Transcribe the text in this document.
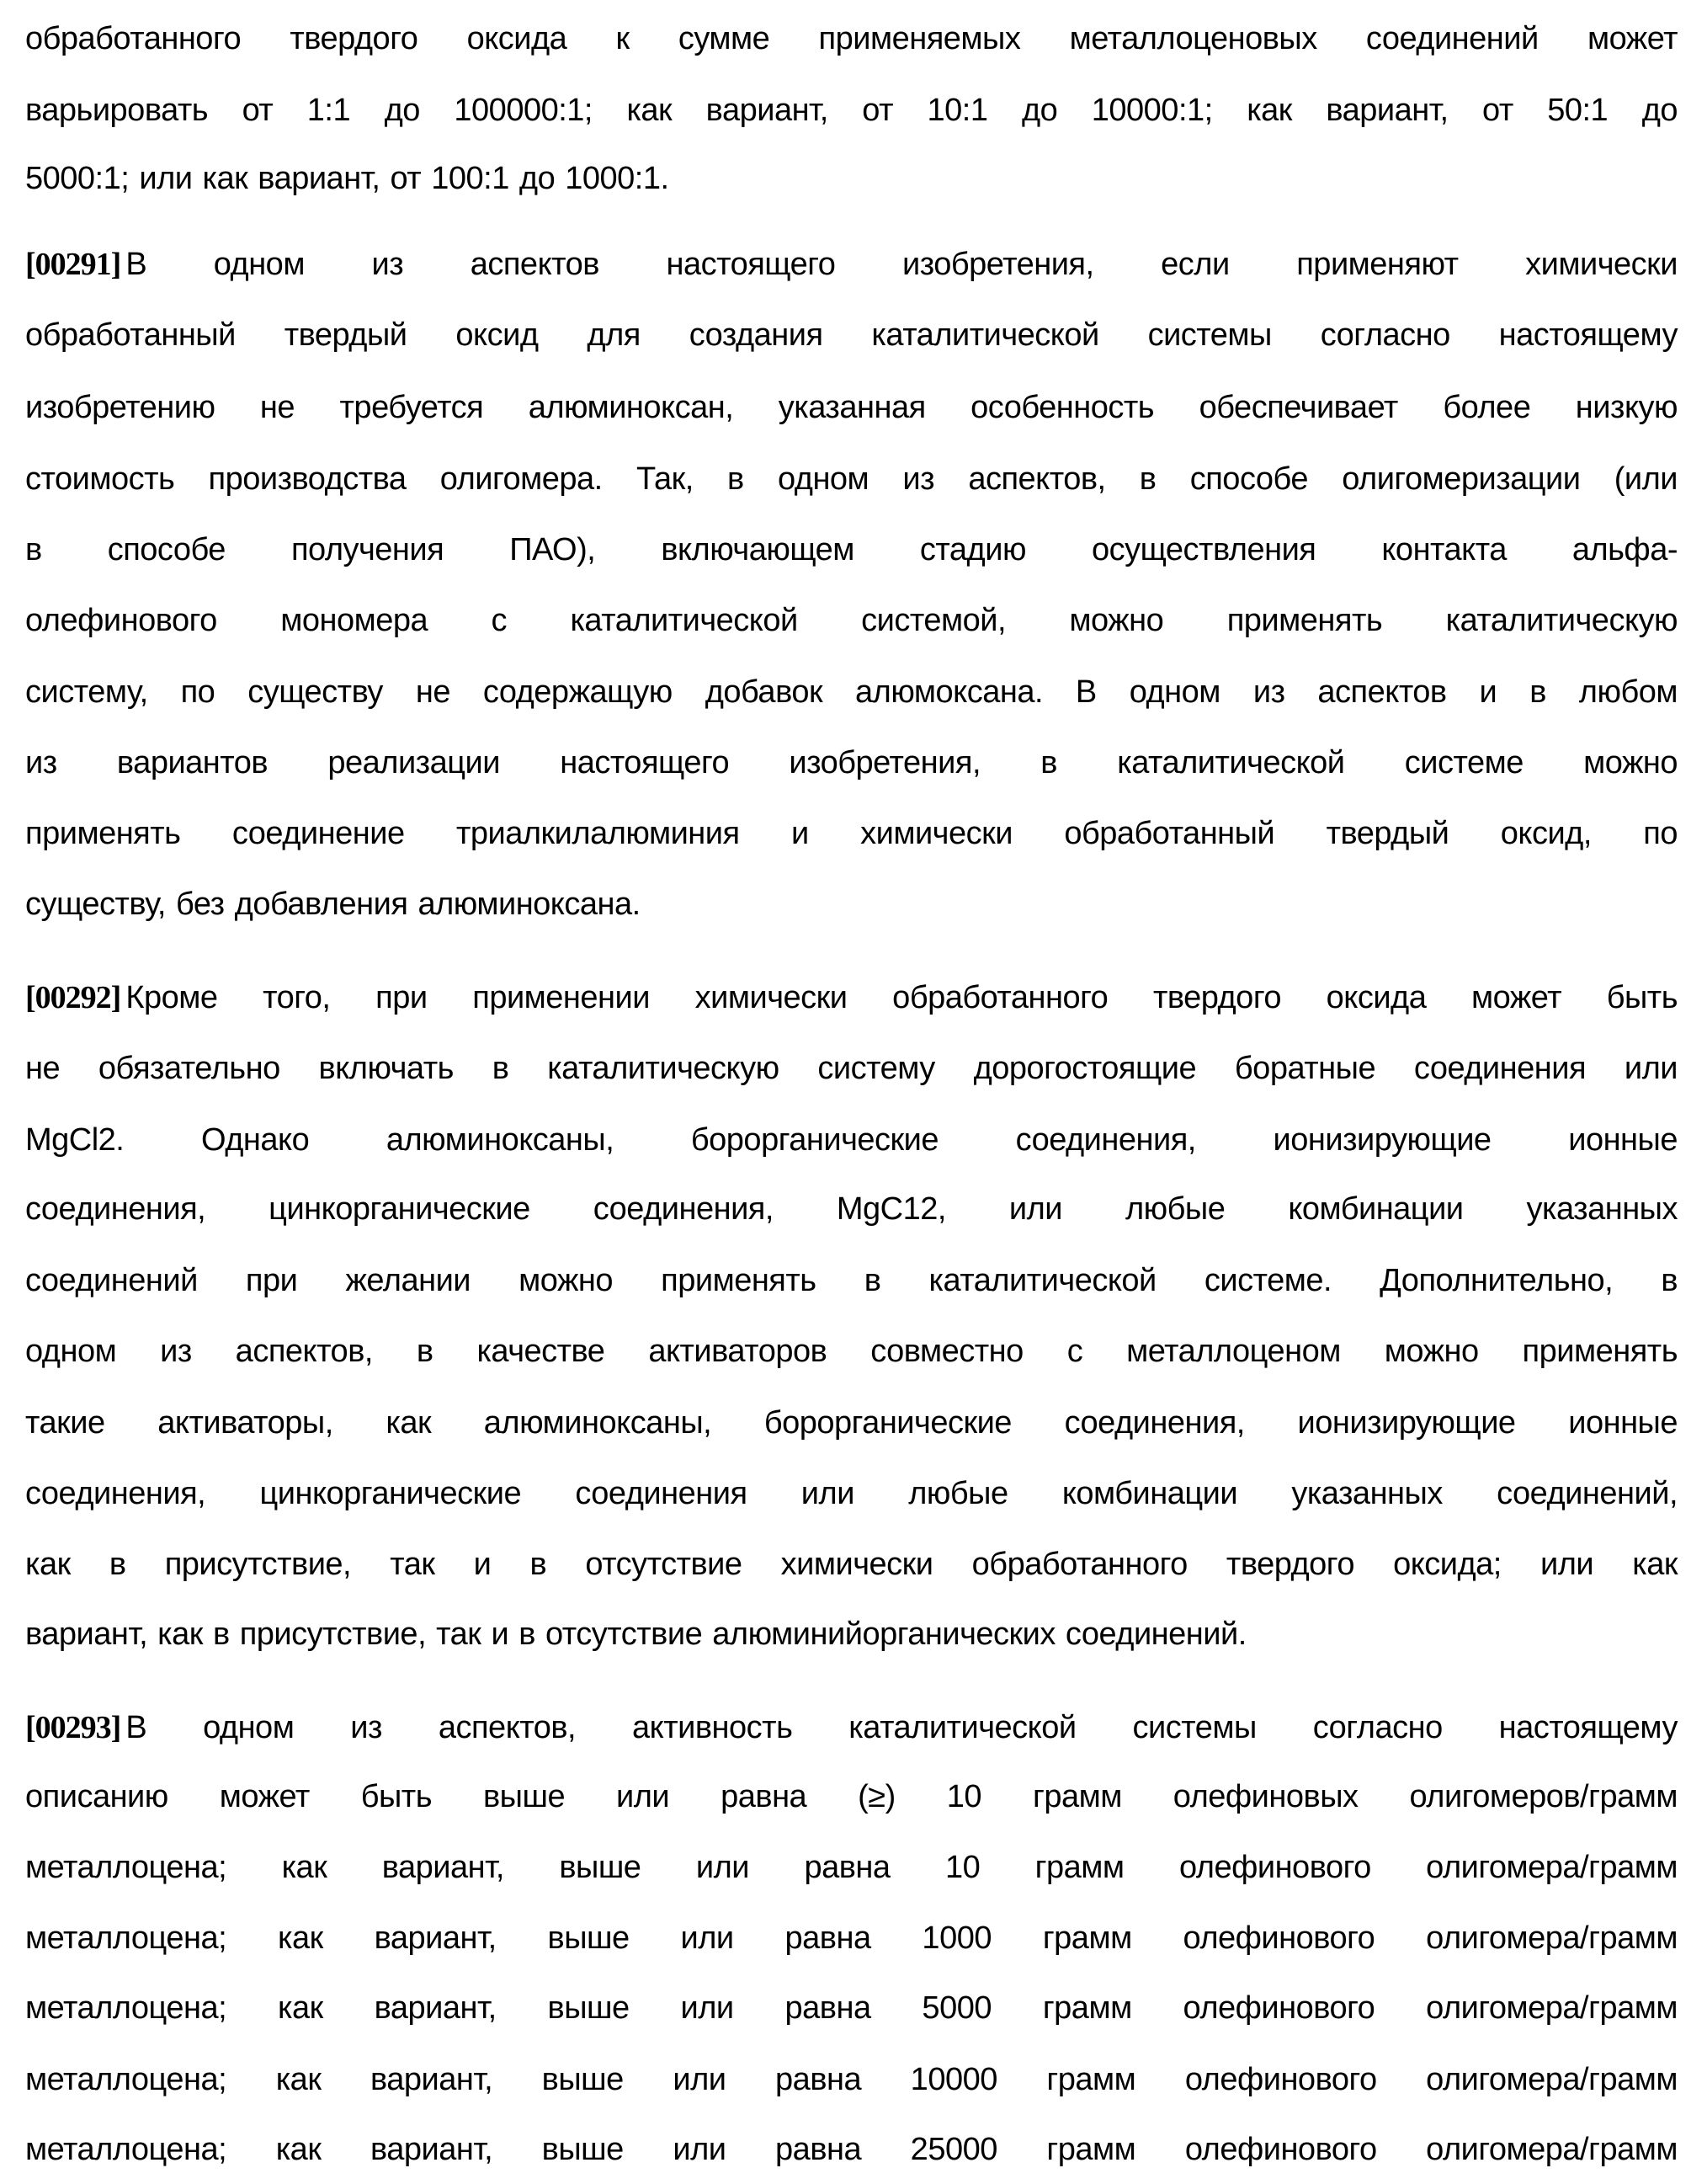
обработанного твердого оксида к сумме применяемых металлоценовых соединений может
варьировать от 1:1 до 100000:1; как вариант, от 10:1 до 10000:1; как вариант, от 50:1 до
5000:1; или как вариант, от 100:1 до 1000:1.
[00291] В одном из аспектов настоящего изобретения, если применяют химически
обработанный твердый оксид для создания каталитической системы согласно настоящему
изобретению не требуется алюминоксан, указанная особенность обеспечивает более низкую
стоимость производства олигомера. Так, в одном из аспектов, в способе олигомеризации (или
в способе получения ПАО), включающем стадию осуществления контакта альфа-
олефинового мономера с каталитической системой, можно применять каталитическую
систему, по существу не содержащую добавок алюмоксана. В одном из аспектов и в любом
из вариантов реализации настоящего изобретения, в каталитической системе можно
применять соединение триалкилалюминия и химически обработанный твердый оксид, по
существу, без добавления алюминоксана.
[00292] Кроме того, при применении химически обработанного твердого оксида может быть
не обязательно включать в каталитическую систему дорогостоящие боратные соединения или
MgCl2. Однако алюминоксаны, борорганические соединения, ионизирующие ионные
соединения, цинкорганические соединения, MgC12, или любые комбинации указанных
соединений при желании можно применять в каталитической системе. Дополнительно, в
одном из аспектов, в качестве активаторов совместно с металлоценом можно применять
такие активаторы, как алюминоксаны, борорганические соединения, ионизирующие ионные
соединения, цинкорганические соединения или любые комбинации указанных соединений,
как в присутствие, так и в отсутствие химически обработанного твердого оксида; или как
вариант, как в присутствие, так и в отсутствие алюминийорганических соединений.
[00293] В одном из аспектов, активность каталитической системы согласно настоящему
описанию может быть выше или равна (≥) 10 грамм олефиновых олигомеров/грамм
металлоцена; как вариант, выше или равна 10 грамм олефинового олигомера/грамм
металлоцена; как вариант, выше или равна 1000 грамм олефинового олигомера/грамм
металлоцена; как вариант, выше или равна 5000 грамм олефинового олигомера/грамм
металлоцена; как вариант, выше или равна 10000 грамм олефинового олигомера/грамм
металлоцена; как вариант, выше или равна 25000 грамм олефинового олигомера/грамм
